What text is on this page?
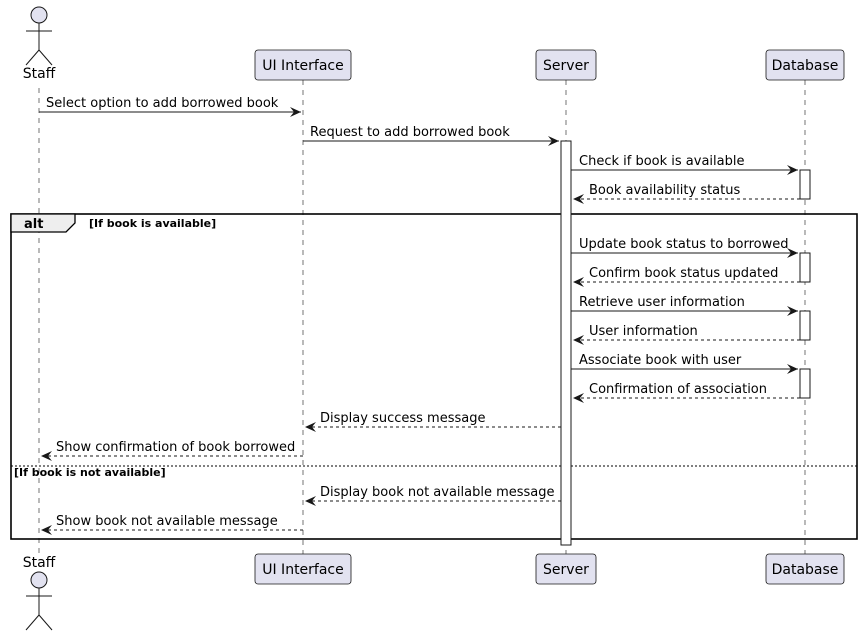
alt	[If book is available]
[If book is not available]
Select option to add borrowed book
Request to add borrowed book
Check if book is available
Book availability status
Update book status to borrowed
Confirm book status updated
Retrieve user information
User information
Associate book with user
Confirmation of association
Display success message
Show confirmation of book borrowed
Display book not available message
Show book not available message
Staff
Staff
UI Interface
UI Interface
Server
Server
Database
Database
